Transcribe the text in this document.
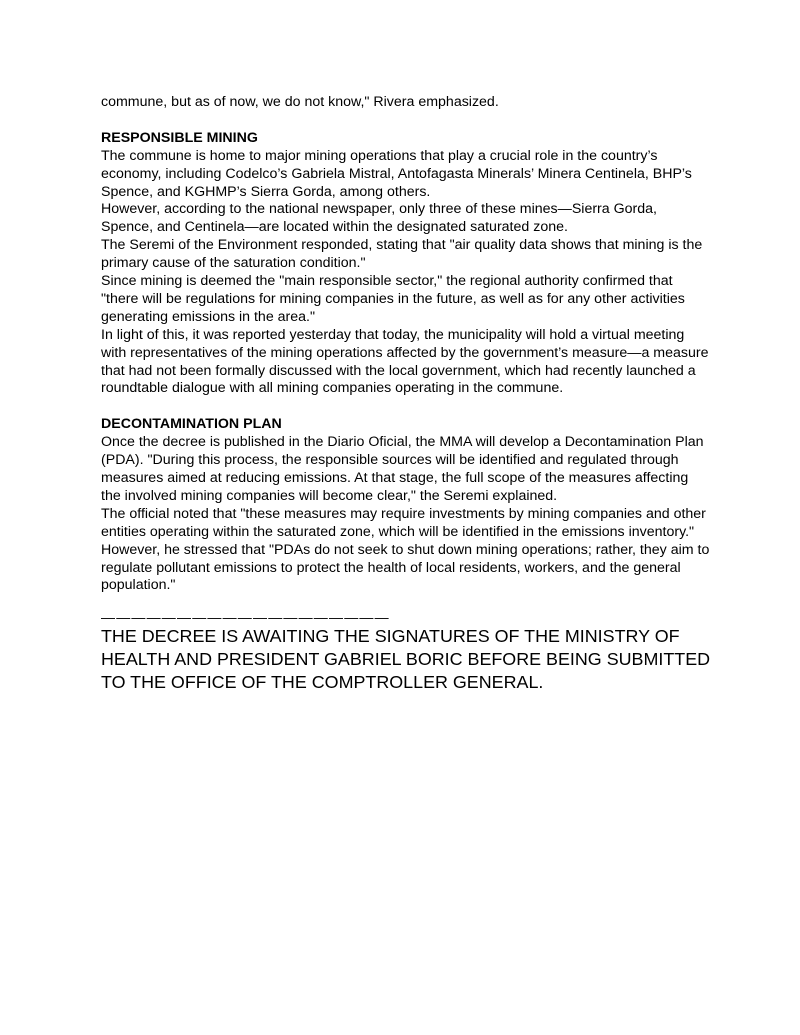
commune, but as of now, we do not know," Rivera emphasized.

RESPONSIBLE MINING

The commune is home to major mining operations that play a crucial role in the country’s economy, including Codelco’s Gabriela Mistral, Antofagasta Minerals’ Minera Centinela, BHP’s Spence, and KGHMP’s Sierra Gorda, among others.

However, according to the national newspaper, only three of these mines—Sierra Gorda, Spence, and Centinela—are located within the designated saturated zone.

The Seremi of the Environment responded, stating that "air quality data shows that mining is the primary cause of the saturation condition."

Since mining is deemed the "main responsible sector," the regional authority confirmed that "there will be regulations for mining companies in the future, as well as for any other activities generating emissions in the area."

In light of this, it was reported yesterday that today, the municipality will hold a virtual meeting with representatives of the mining operations affected by the government’s measure—a measure that had not been formally discussed with the local government, which had recently launched a roundtable dialogue with all mining companies operating in the commune.

DECONTAMINATION PLAN

Once the decree is published in the Diario Oficial, the MMA will develop a Decontamination Plan (PDA). "During this process, the responsible sources will be identified and regulated through measures aimed at reducing emissions. At that stage, the full scope of the measures affecting the involved mining companies will become clear," the Seremi explained.

The official noted that "these measures may require investments by mining companies and other entities operating within the saturated zone, which will be identified in the emissions inventory."

However, he stressed that "PDAs do not seek to shut down mining operations; rather, they aim to regulate pollutant emissions to protect the health of local residents, workers, and the general population."

———————————————————

THE DECREE IS AWAITING THE SIGNATURES OF THE MINISTRY OF HEALTH AND PRESIDENT GABRIEL BORIC BEFORE BEING SUBMITTED TO THE OFFICE OF THE COMPTROLLER GENERAL.
